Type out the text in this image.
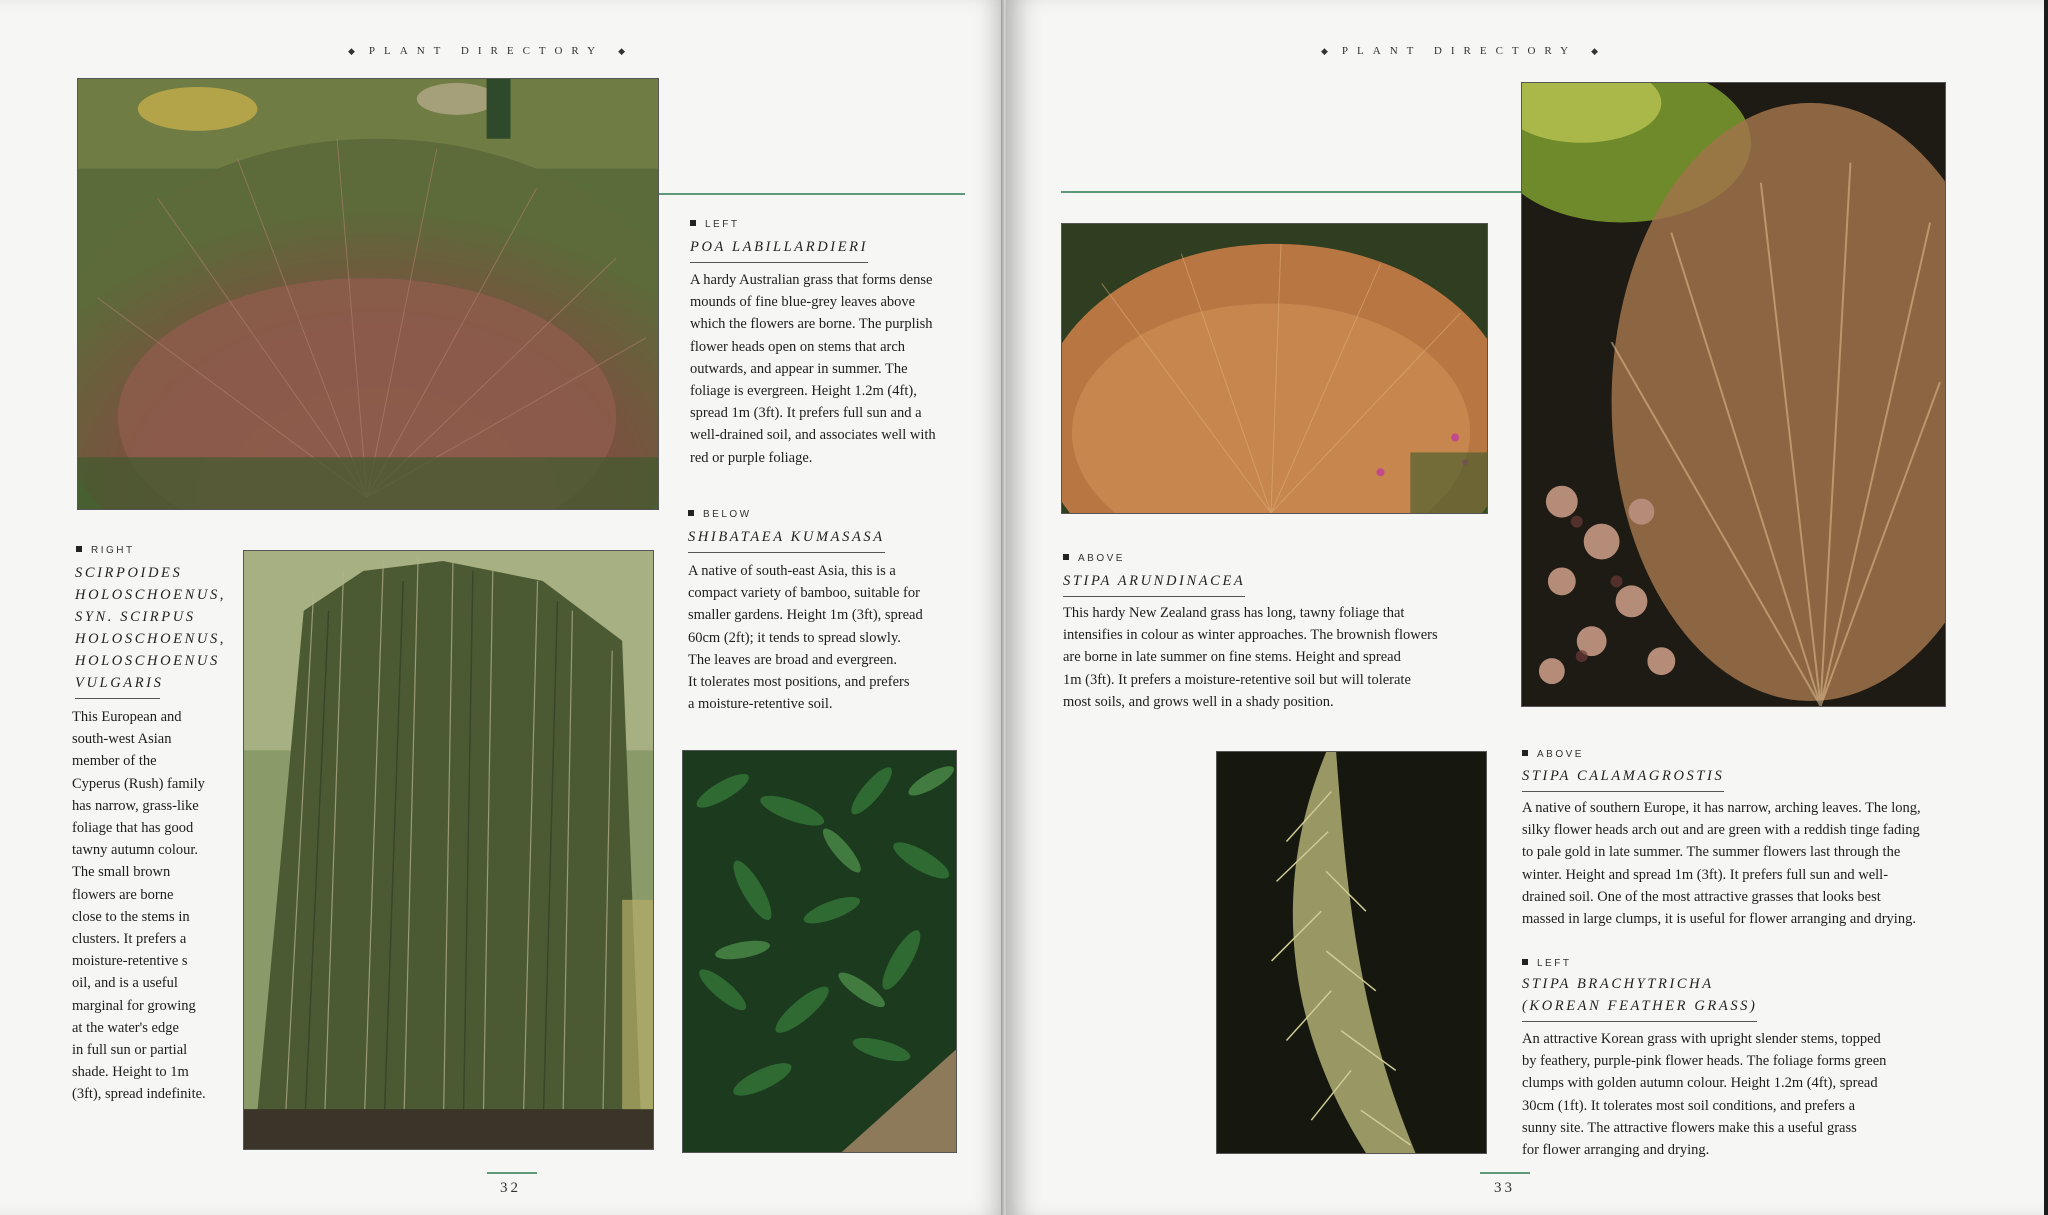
◆ PLANT DIRECTORY ◆
LEFT
POA LABILLARDIERI
A hardy Australian grass that forms dense
mounds of fine blue-grey leaves above
which the flowers are borne. The purplish
flower heads open on stems that arch
outwards, and appear in summer. The
foliage is evergreen. Height 1.2m (4ft),
spread 1m (3ft). It prefers full sun and a
well-drained soil, and associates well with
red or purple foliage.
BELOW
SHIBATAEA KUMASASA
A native of south-east Asia, this is a
compact variety of bamboo, suitable for
smaller gardens. Height 1m (3ft), spread
60cm (2ft); it tends to spread slowly.
The leaves are broad and evergreen.
It tolerates most positions, and prefers
a moisture-retentive soil.
RIGHT
SCIRPOIDES
HOLOSCHOENUS,
SYN. SCIRPUS
HOLOSCHOENUS,
HOLOSCHOENUS
VULGARIS
This European and
south-west Asian
member of the
Cyperus (Rush) family
has narrow, grass-like
foliage that has good
tawny autumn colour.
The small brown
flowers are borne
close to the stems in
clusters. It prefers a
moisture-retentive s
oil, and is a useful
marginal for growing
at the water's edge
in full sun or partial
shade. Height to 1m
(3ft), spread indefinite.
32
◆ PLANT DIRECTORY ◆
ABOVE
STIPA ARUNDINACEA
This hardy New Zealand grass has long, tawny foliage that
intensifies in colour as winter approaches. The brownish flowers
are borne in late summer on fine stems. Height and spread
1m (3ft). It prefers a moisture-retentive soil but will tolerate
most soils, and grows well in a shady position.
ABOVE
STIPA CALAMAGROSTIS
A native of southern Europe, it has narrow, arching leaves. The long,
silky flower heads arch out and are green with a reddish tinge fading
to pale gold in late summer. The summer flowers last through the
winter. Height and spread 1m (3ft). It prefers full sun and well-
drained soil. One of the most attractive grasses that looks best
massed in large clumps, it is useful for flower arranging and drying.
LEFT
STIPA BRACHYTRICHA
(KOREAN FEATHER GRASS)
An attractive Korean grass with upright slender stems, topped
by feathery, purple-pink flower heads. The foliage forms green
clumps with golden autumn colour. Height 1.2m (4ft), spread
30cm (1ft). It tolerates most soil conditions, and prefers a
sunny site. The attractive flowers make this a useful grass
for flower arranging and drying.
33
